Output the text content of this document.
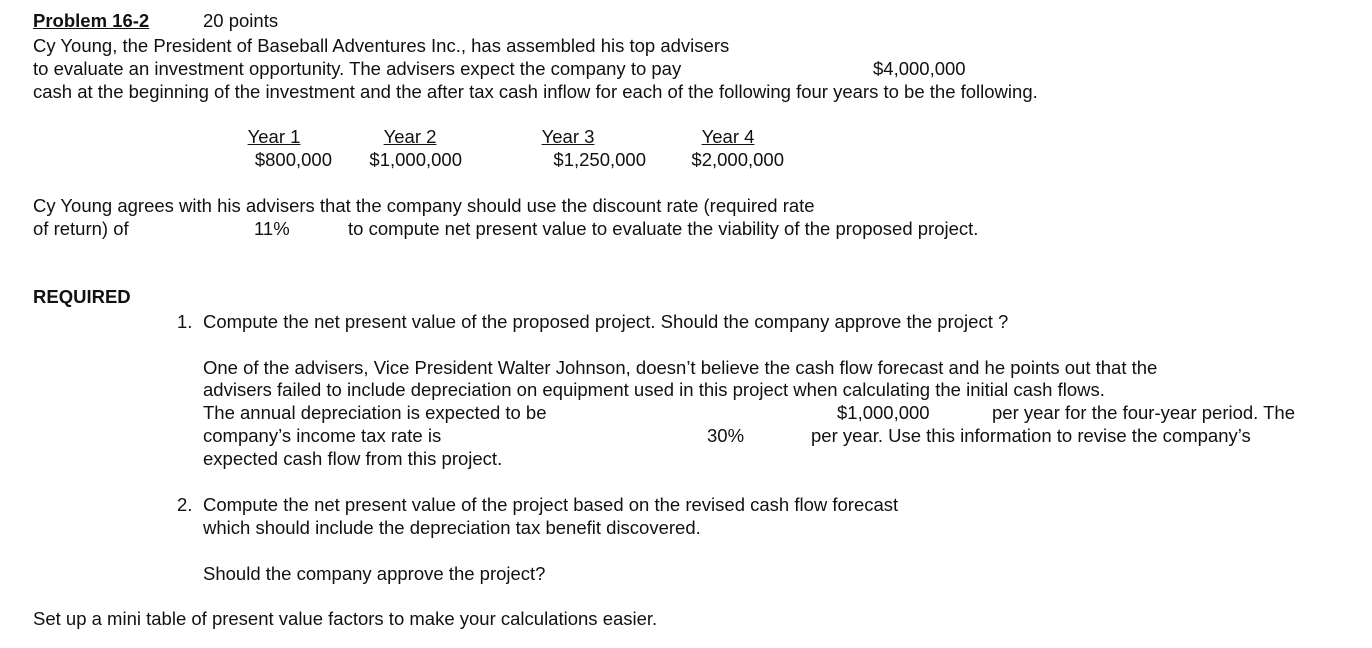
Problem 16-2	20 points
Cy Young, the President of Baseball Adventures Inc., has assembled his top advisers
to evaluate an investment opportunity. The advisers expect the company to pay	$4,000,000
cash at the beginning of the investment and the after tax cash inflow for each of the following four years to be the following.
Year 1	Year 2	Year 3	Year 4
$800,000	$1,000,000	$1,250,000	$2,000,000
Cy Young agrees with his advisers that the company should use the discount rate (required rate
of return) of	11%	to compute net present value to evaluate the viability of the proposed project.
REQUIRED
1. Compute the net present value of the proposed project. Should the company approve the project ?
One of the advisers, Vice President Walter Johnson, doesn’t believe the cash flow forecast and he points out that the
advisers failed to include depreciation on equipment used in this project when calculating the initial cash flows.
The annual depreciation is expected to be	$1,000,000	per year for the four-year period. The
company’s income tax rate is	30%	per year. Use this information to revise the company’s
expected cash flow from this project.
2. Compute the net present value of the project based on the revised cash flow forecast
which should include the depreciation tax benefit discovered.
Should the company approve the project?
Set up a mini table of present value factors to make your calculations easier.
